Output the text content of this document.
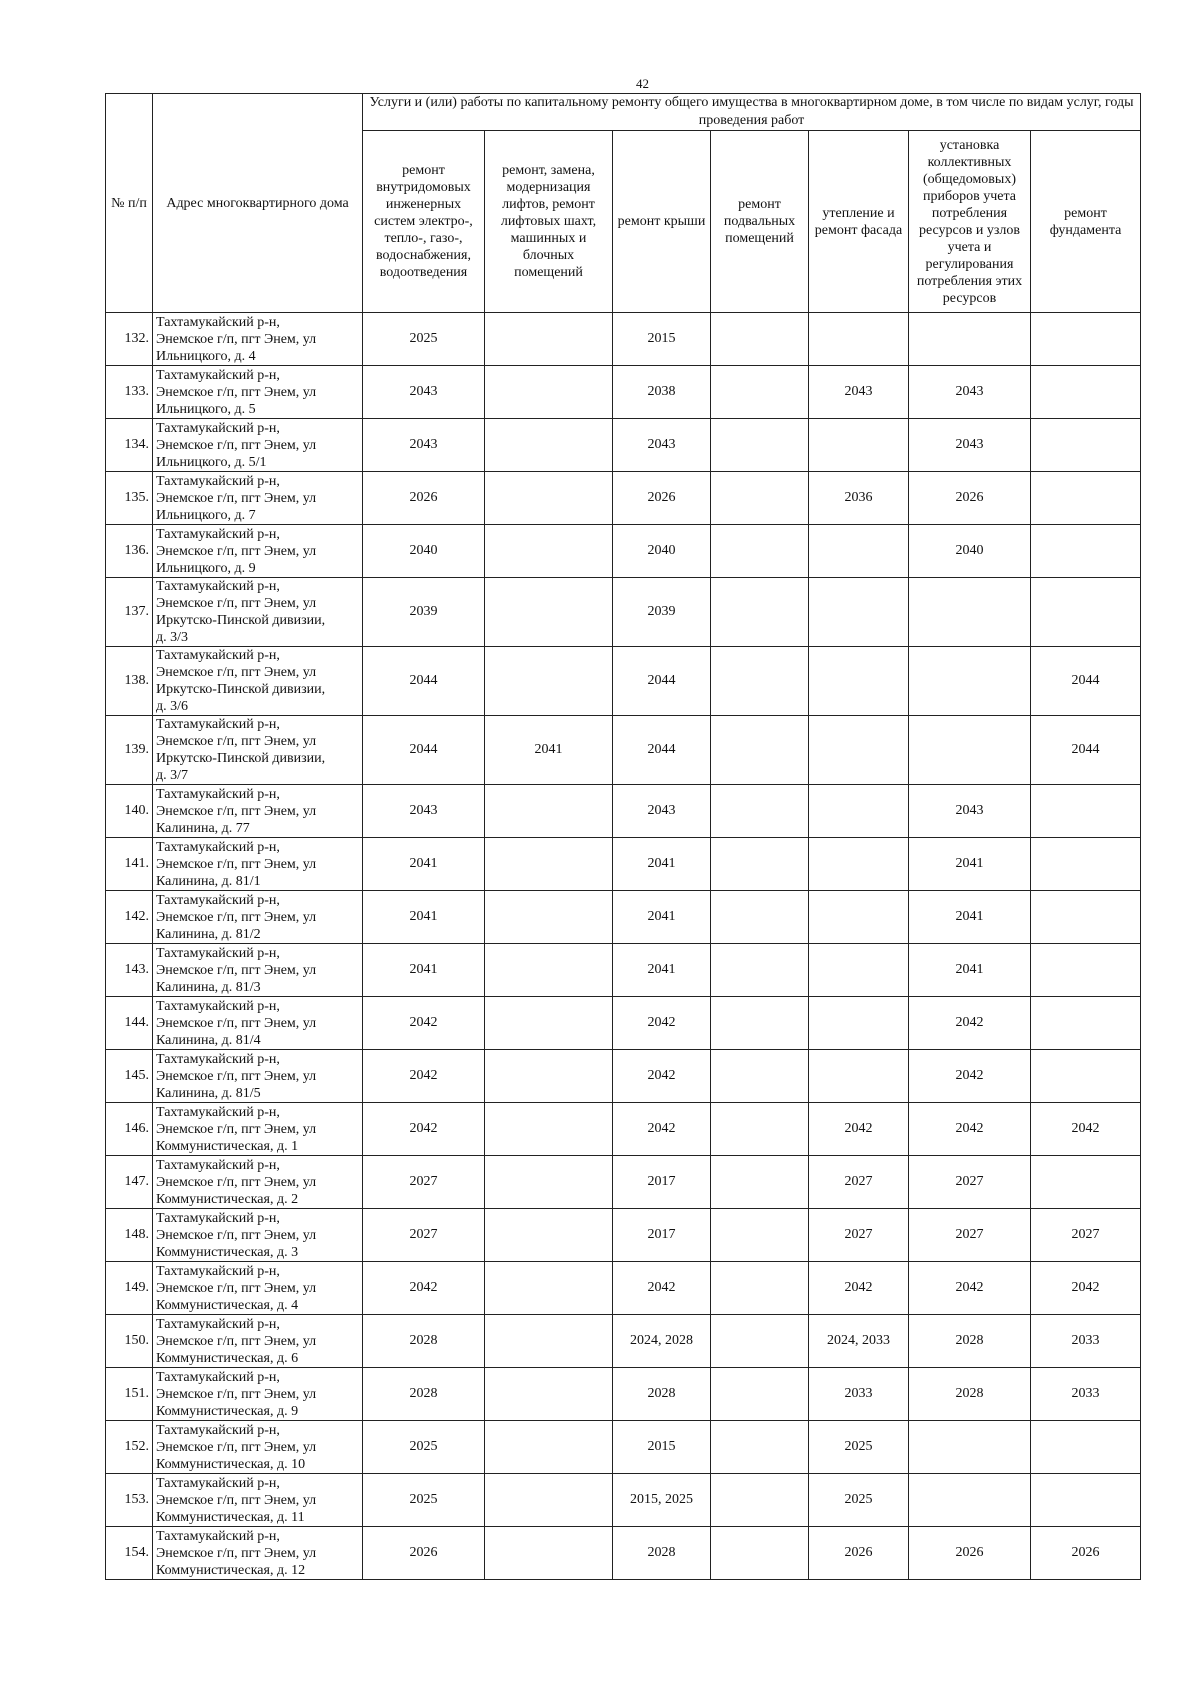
42
№ п/п	Адрес многоквартирного дома	Услуги и (или) работы по капитальному ремонту общего имущества в многоквартирном доме, в том числе по видам услуг, годы проведения работ						
		ремонт внутридомовых инженерных систем электро-, тепло-, газо-, водоснабжения, водоотведения	ремонт, замена, модернизация лифтов, ремонт лифтовых шахт, машинных и блочных помещений	ремонт крыши	ремонт подвальных помещений	утепление и ремонт фасада	установка коллективных (общедомовых) приборов учета потребления ресурсов и узлов учета и регулирования потребления этих ресурсов	ремонт фундамента
132.	Тахтамукайский р-н,
Энемское г/п, пгт Энем, ул
Ильницкого, д. 4	2025		2015				
133.	Тахтамукайский р-н,
Энемское г/п, пгт Энем, ул
Ильницкого, д. 5	2043		2038		2043	2043	
134.	Тахтамукайский р-н,
Энемское г/п, пгт Энем, ул
Ильницкого, д. 5/1	2043		2043			2043	
135.	Тахтамукайский р-н,
Энемское г/п, пгт Энем, ул
Ильницкого, д. 7	2026		2026		2036	2026	
136.	Тахтамукайский р-н,
Энемское г/п, пгт Энем, ул
Ильницкого, д. 9	2040		2040			2040	
137.	Тахтамукайский р-н,
Энемское г/п, пгт Энем, ул
Иркутско-Пинской дивизии,
д. 3/3	2039		2039				
138.	Тахтамукайский р-н,
Энемское г/п, пгт Энем, ул
Иркутско-Пинской дивизии,
д. 3/6	2044		2044				2044
139.	Тахтамукайский р-н,
Энемское г/п, пгт Энем, ул
Иркутско-Пинской дивизии,
д. 3/7	2044	2041	2044				2044
140.	Тахтамукайский р-н,
Энемское г/п, пгт Энем, ул
Калинина, д. 77	2043		2043			2043	
141.	Тахтамукайский р-н,
Энемское г/п, пгт Энем, ул
Калинина, д. 81/1	2041		2041			2041	
142.	Тахтамукайский р-н,
Энемское г/п, пгт Энем, ул
Калинина, д. 81/2	2041		2041			2041	
143.	Тахтамукайский р-н,
Энемское г/п, пгт Энем, ул
Калинина, д. 81/3	2041		2041			2041	
144.	Тахтамукайский р-н,
Энемское г/п, пгт Энем, ул
Калинина, д. 81/4	2042		2042			2042	
145.	Тахтамукайский р-н,
Энемское г/п, пгт Энем, ул
Калинина, д. 81/5	2042		2042			2042	
146.	Тахтамукайский р-н,
Энемское г/п, пгт Энем, ул
Коммунистическая, д. 1	2042		2042		2042	2042	2042
147.	Тахтамукайский р-н,
Энемское г/п, пгт Энем, ул
Коммунистическая, д. 2	2027		2017		2027	2027	
148.	Тахтамукайский р-н,
Энемское г/п, пгт Энем, ул
Коммунистическая, д. 3	2027		2017		2027	2027	2027
149.	Тахтамукайский р-н,
Энемское г/п, пгт Энем, ул
Коммунистическая, д. 4	2042		2042		2042	2042	2042
150.	Тахтамукайский р-н,
Энемское г/п, пгт Энем, ул
Коммунистическая, д. 6	2028		2024, 2028		2024, 2033	2028	2033
151.	Тахтамукайский р-н,
Энемское г/п, пгт Энем, ул
Коммунистическая, д. 9	2028		2028		2033	2028	2033
152.	Тахтамукайский р-н,
Энемское г/п, пгт Энем, ул
Коммунистическая, д. 10	2025		2015		2025		
153.	Тахтамукайский р-н,
Энемское г/п, пгт Энем, ул
Коммунистическая, д. 11	2025		2015, 2025		2025		
154.	Тахтамукайский р-н,
Энемское г/п, пгт Энем, ул
Коммунистическая, д. 12	2026		2028		2026	2026	2026
